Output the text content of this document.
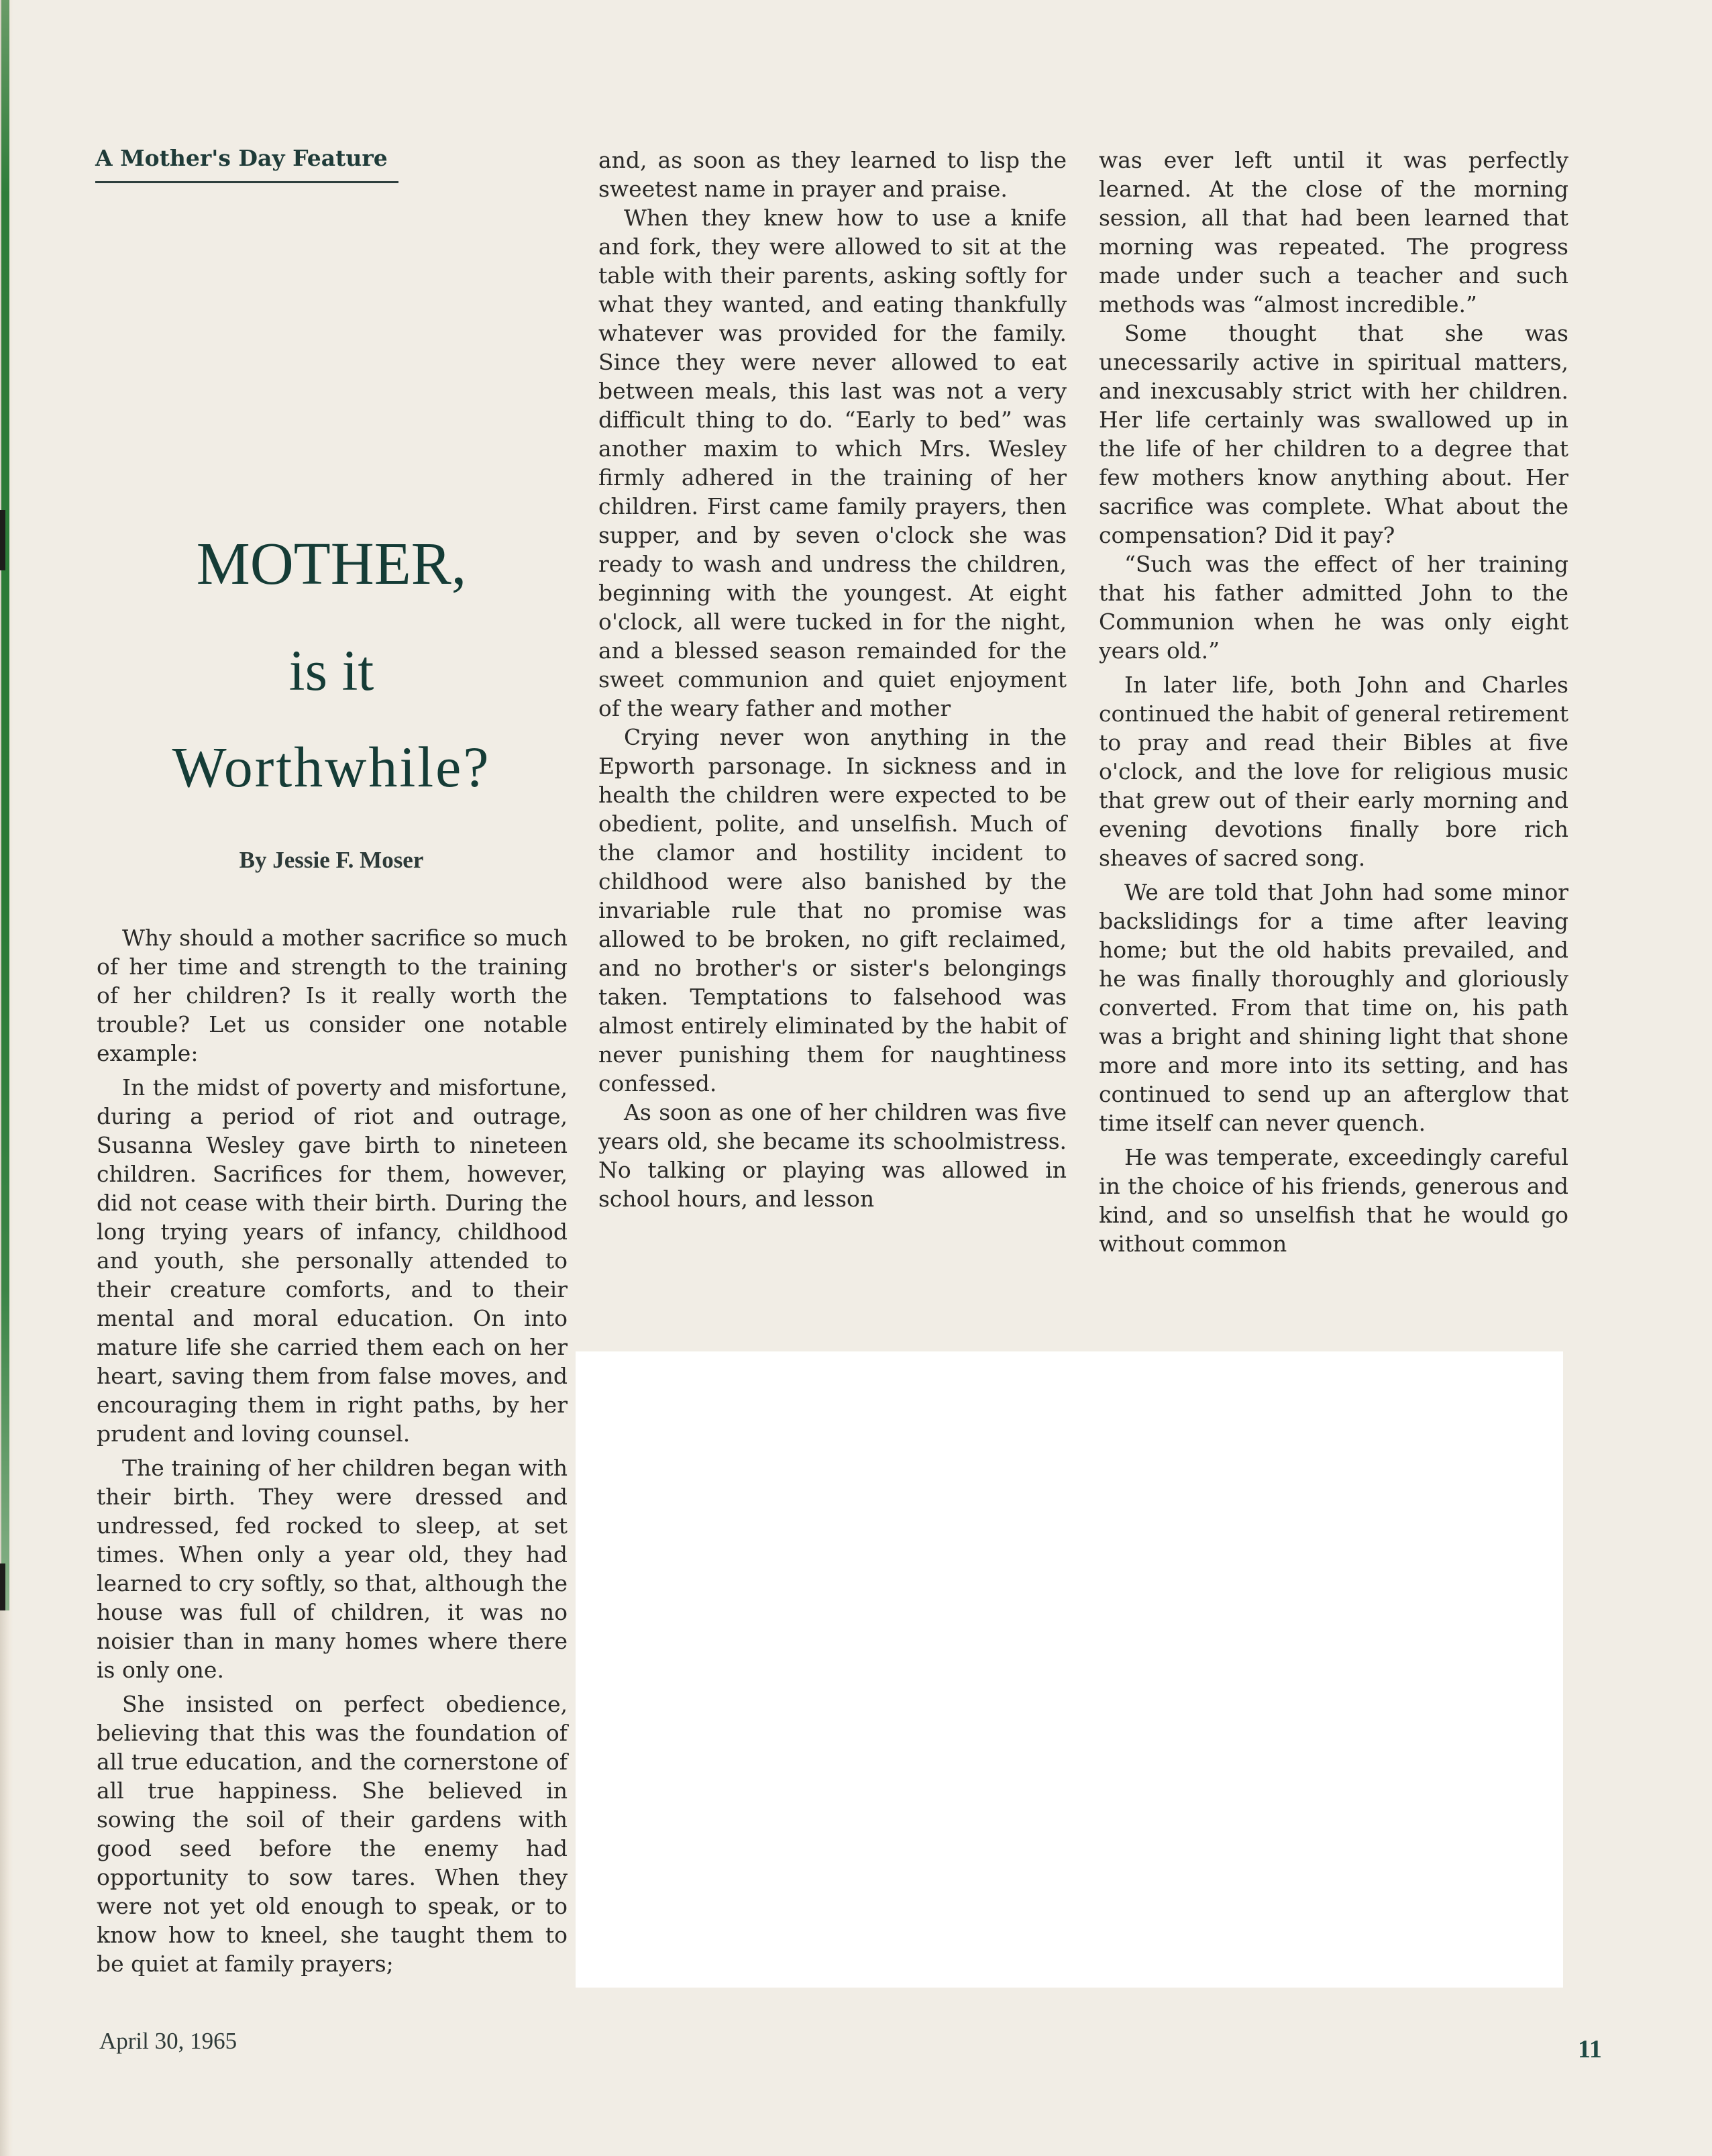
A Mother's Day Feature
MOTHER,
is it
Worthwhile?
By Jessie F. Moser

Why should a mother sacrifice so much of her time and strength to the training of her children? Is it really worth the trouble? Let us consider one notable example:

In the midst of poverty and misfortune, during a period of riot and outrage, Susanna Wesley gave birth to nineteen children. Sacrifices for them, however, did not cease with their birth. During the long trying years of infancy, childhood and youth, she personally attended to their creature comforts, and to their mental and moral education. On into mature life she carried them each on her heart, saving them from false moves, and encouraging them in right paths, by her prudent and loving counsel.

The training of her children began with their birth. They were dressed and undressed, fed rocked to sleep, at set times. When only a year old, they had learned to cry softly, so that, although the house was full of children, it was no noisier than in many homes where there is only one.

She insisted on perfect obedience, believing that this was the foundation of all true education, and the cornerstone of all true happiness. She believed in sowing the soil of their gardens with good seed before the enemy had opportunity to sow tares. When they were not yet old enough to speak, or to know how to kneel, she taught them to be quiet at family prayers;

and, as soon as they learned to lisp the sweetest name in prayer and praise.

When they knew how to use a knife and fork, they were allowed to sit at the table with their parents, asking softly for what they wanted, and eating thankfully whatever was provided for the family. Since they were never allowed to eat between meals, this last was not a very difficult thing to do. “Early to bed” was another maxim to which Mrs. Wesley firmly adhered in the training of her children. First came family prayers, then supper, and by seven o'clock she was ready to wash and undress the children, beginning with the youngest. At eight o'clock, all were tucked in for the night, and a blessed season remainded for the sweet communion and quiet enjoyment of the weary father and mother

Crying never won anything in the Epworth parsonage. In sickness and in health the children were expected to be obedient, polite, and unselfish. Much of the clamor and hostility incident to childhood were also banished by the invariable rule that no promise was allowed to be broken, no gift reclaimed, and no brother's or sister's belongings taken. Temptations to falsehood was almost entirely eliminated by the habit of never punishing them for naughtiness confessed.

As soon as one of her children was five years old, she became its schoolmistress. No talking or playing was allowed in school hours, and lesson

was ever left until it was perfectly learned. At the close of the morning session, all that had been learned that morning was repeated. The progress made under such a teacher and such methods was “almost incredible.”

Some thought that she was unecessarily active in spiritual matters, and inexcusably strict with her children. Her life certainly was swallowed up in the life of her children to a degree that few mothers know anything about. Her sacrifice was complete. What about the compensation? Did it pay?

“Such was the effect of her training that his father admitted John to the Communion when he was only eight years old.”

In later life, both John and Charles continued the habit of general retirement to pray and read their Bibles at five o'clock, and the love for religious music that grew out of their early morning and evening devotions finally bore rich sheaves of sacred song.

We are told that John had some minor backslidings for a time after leaving home; but the old habits prevailed, and he was finally thoroughly and gloriously converted. From that time on, his path was a bright and shining light that shone more and more into its setting, and has continued to send up an afterglow that time itself can never quench.

He was temperate, exceedingly careful in the choice of his friends, generous and kind, and so unselfish that he would go without common

April 30, 1965	11
